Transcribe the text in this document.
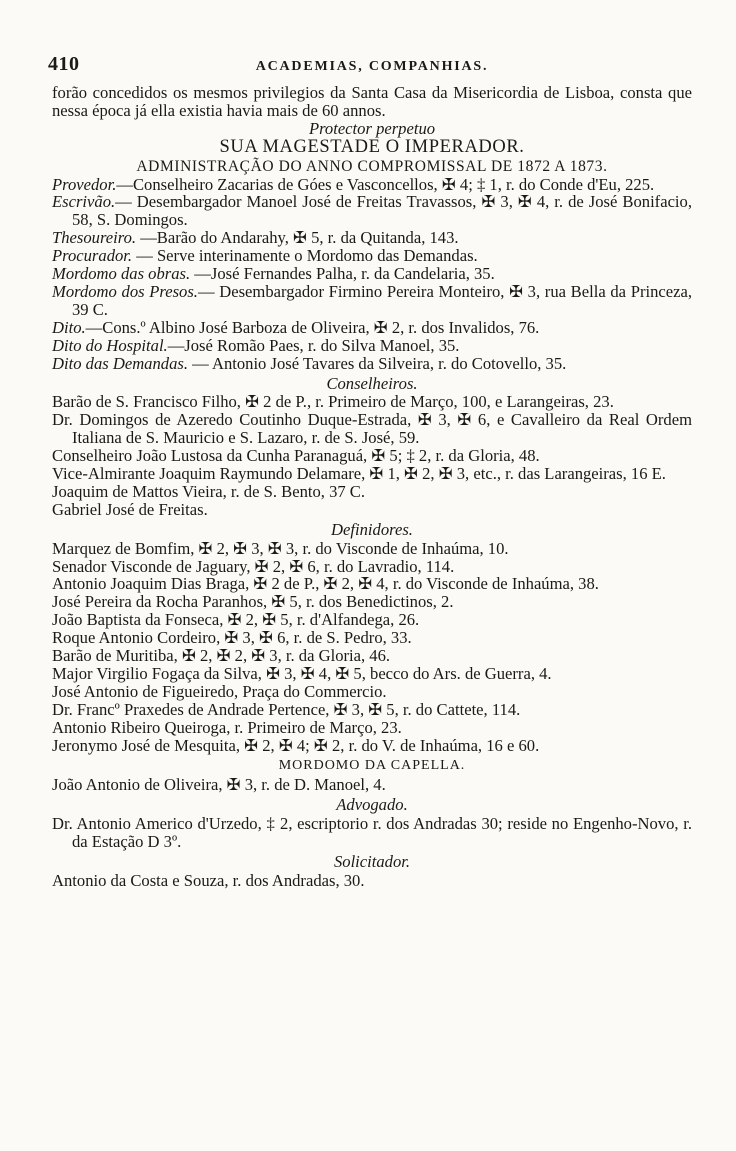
410	ACADEMIAS, COMPANHIAS.

forão concedidos os mesmos privilegios da Santa Casa da Misericordia de Lisboa, consta que nessa época já ella existia havia mais de 60 annos.

Protector perpetuo

SUA MAGESTADE O IMPERADOR.

ADMINISTRAÇÃO DO ANNO COMPROMISSAL DE 1872 A 1873.

Provedor.—Conselheiro Zacarias de Góes e Vasconcellos, ✠ 4; ‡ 1, r. do Conde d'Eu, 225.

Escrivão.— Desembargador Manoel José de Freitas Travassos, ✠ 3, ✠ 4, r. de José Bonifacio, 58, S. Domingos.

Thesoureiro. —Barão do Andarahy, ✠ 5, r. da Quitanda, 143.

Procurador. — Serve interinamente o Mordomo das Demandas.

Mordomo das obras. —José Fernandes Palha, r. da Candelaria, 35.

Mordomo dos Presos.— Desembargador Firmino Pereira Monteiro, ✠ 3, rua Bella da Princeza, 39 C.

Dito.—Cons.º Albino José Barboza de Oliveira, ✠ 2, r. dos Invalidos, 76.

Dito do Hospital.—José Romão Paes, r. do Silva Manoel, 35.

Dito das Demandas. — Antonio José Tavares da Silveira, r. do Cotovello, 35.

Conselheiros.

Barão de S. Francisco Filho, ✠ 2 de P., r. Primeiro de Março, 100, e Larangeiras, 23.

Dr. Domingos de Azeredo Coutinho Duque-Estrada, ✠ 3, ✠ 6, e Cavalleiro da Real Ordem Italiana de S. Mauricio e S. Lazaro, r. de S. José, 59.

Conselheiro João Lustosa da Cunha Paranaguá, ✠ 5; ‡ 2, r. da Gloria, 48.

Vice-Almirante Joaquim Raymundo Delamare, ✠ 1, ✠ 2, ✠ 3, etc., r. das Larangeiras, 16 E.

Joaquim de Mattos Vieira, r. de S. Bento, 37 C.

Gabriel José de Freitas.

Definidores.

Marquez de Bomfim, ✠ 2, ✠ 3, ✠ 3, r. do Visconde de Inhaúma, 10.

Senador Visconde de Jaguary, ✠ 2, ✠ 6, r. do Lavradio, 114.

Antonio Joaquim Dias Braga, ✠ 2 de P., ✠ 2, ✠ 4, r. do Visconde de Inhaúma, 38.

José Pereira da Rocha Paranhos, ✠ 5, r. dos Benedictinos, 2.

João Baptista da Fonseca, ✠ 2, ✠ 5, r. d'Alfandega, 26.

Roque Antonio Cordeiro, ✠ 3, ✠ 6, r. de S. Pedro, 33.

Barão de Muritiba, ✠ 2, ✠ 2, ✠ 3, r. da Gloria, 46.

Major Virgilio Fogaça da Silva, ✠ 3, ✠ 4, ✠ 5, becco do Ars. de Guerra, 4.

José Antonio de Figueiredo, Praça do Commercio.

Dr. Francº Praxedes de Andrade Pertence, ✠ 3, ✠ 5, r. do Cattete, 114.

Antonio Ribeiro Queiroga, r. Primeiro de Março, 23.

Jeronymo José de Mesquita, ✠ 2, ✠ 4; ✠ 2, r. do V. de Inhaúma, 16 e 60.

MORDOMO DA CAPELLA.

João Antonio de Oliveira, ✠ 3, r. de D. Manoel, 4.

Advogado.

Dr. Antonio Americo d'Urzedo, ‡ 2, escriptorio r. dos Andradas 30; reside no Engenho-Novo, r. da Estação D 3º.

Solicitador.

Antonio da Costa e Souza, r. dos Andradas, 30.
